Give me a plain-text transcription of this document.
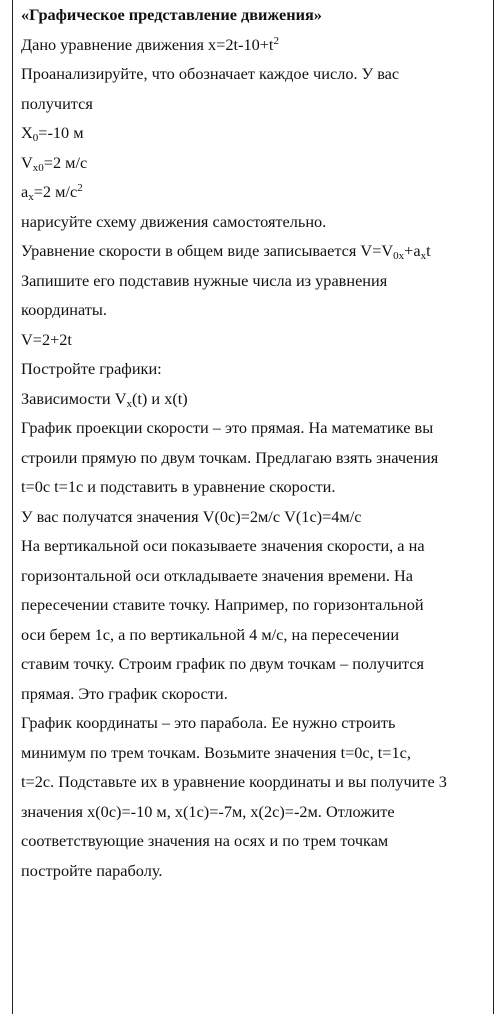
«Графическое представление движения»
Дано уравнение движения $x=2t-10+t^2$
Проанализируйте, что обозначает каждое число. У вас
получится
$X_0=-10$ м
$V_{x0}=2$ м/с
$a_x=2$ $м/с^2$
нарисуйте схему движения самостоятельно.
Уравнение скорости в общем виде записывается $V=V_{0x}+a_xt$
Запишите его подставив нужные числа из уравнения
координаты.
V=2+2t
Постройте графики:
Зависимости $V_x(t)$ и x(t)
График проекции скорости – это прямая. На математике вы
строили прямую по двум точкам. Предлагаю взять значения
t=0c t=1c и подставить в уравнение скорости.
У вас получатся значения V(0c)=2м/с V(1c)=4м/с
На вертикальной оси показываете значения скорости, а на
горизонтальной оси откладываете значения времени. На
пересечении ставите точку. Например, по горизонтальной
оси берем 1с, а по вертикальной 4 м/с, на пересечении
ставим точку. Строим график по двум точкам – получится
прямая. Это график скорости.
График координаты – это парабола. Ее нужно строить
минимум по трем точкам. Возьмите значения t=0c, t=1c,
t=2c. Подставьте их в уравнение координаты и вы получите 3
значения x(0c)=-10 м, x(1c)=-7м, x(2c)=-2м. Отложите
соответствующие значения на осях и по трем точкам
постройте параболу.
